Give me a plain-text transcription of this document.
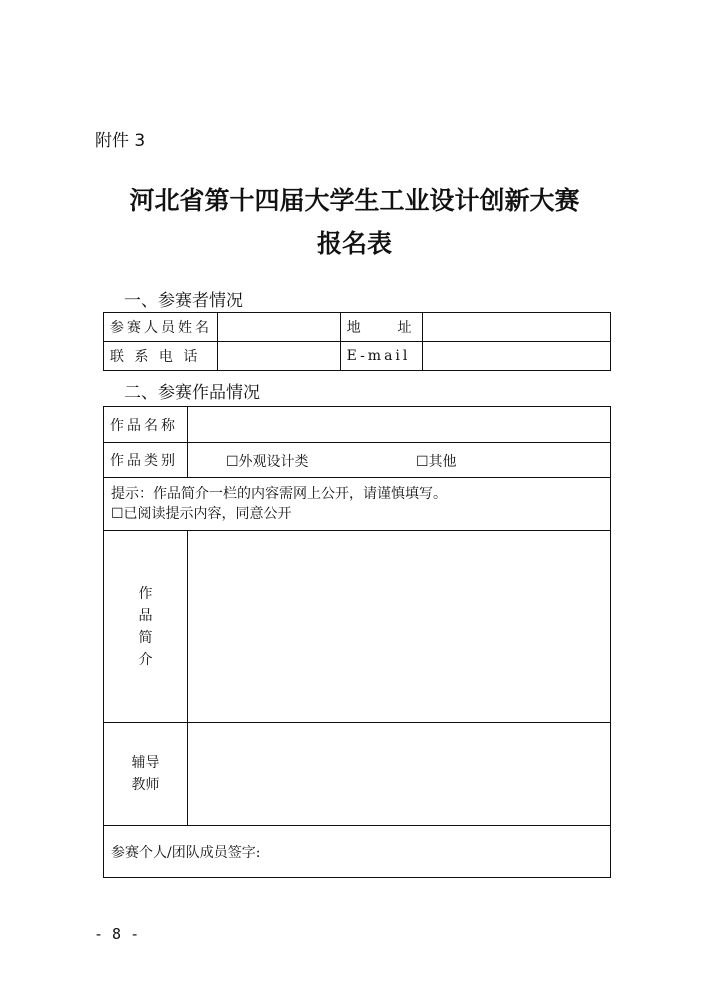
附件 3
河北省第十四届大学生工业设计创新大赛
报名表
一、参赛者情况
参赛人员姓名		地　　址	
联 系 电 话		E-mail	
二、参赛作品情况
作品名称	
作品类别	☐外观设计类 ☐其他

提示：作品简介一栏的内容需网上公开，请谨慎填写。
☐已阅读提示内容，同意公开	

作
品
简
介	

辅导
教师	

参赛个人/团队成员签字:	
- 8 -
